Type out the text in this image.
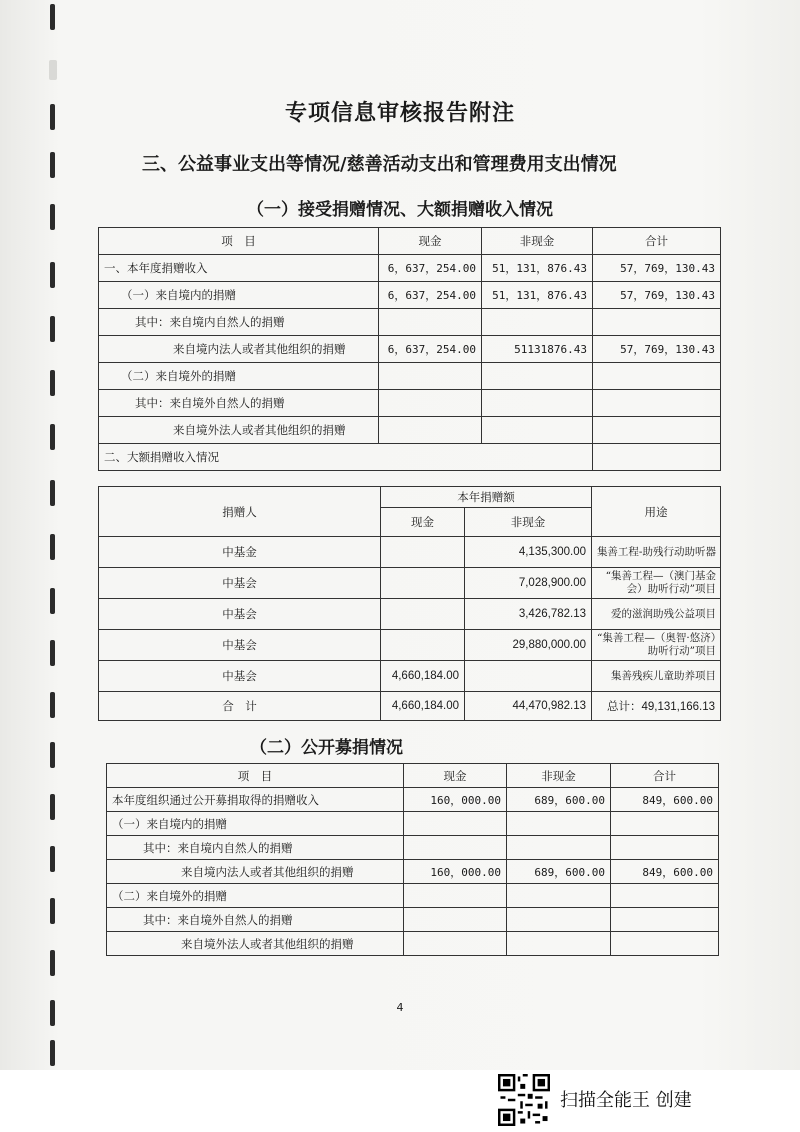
专项信息审核报告附注
三、公益事业支出等情况/慈善活动支出和管理费用支出情况
（一）接受捐赠情况、大额捐赠收入情况
项　目	现金	非现金	合计
一、本年度捐赠收入	6，637，254.00	51，131，876.43	57，769，130.43
（一）来自境内的捐赠	6，637，254.00	51，131，876.43	57，769，130.43
其中：来自境内自然人的捐赠			
来自境内法人或者其他组织的捐赠	6，637，254.00	51131876.43	57，769，130.43
（二）来自境外的捐赠			
其中：来自境外自然人的捐赠			
来自境外法人或者其他组织的捐赠			
二、大额捐赠收入情况			
捐赠人	本年捐赠额		用途
	现金	非现金	
中基金		4,135,300.00	集善工程-助残行动助听器
中基会		7,028,900.00	“集善工程—（澳门基金会）助听行动”项目
中基会		3,426,782.13	爱的滋润助残公益项目
中基会		29,880,000.00	“集善工程—（奥智·悠济）助听行动”项目
中基会	4,660,184.00		集善残疾儿童助养项目
合　计	4,660,184.00	44,470,982.13	总计：49,131,166.13
（二）公开募捐情况
项　目	现金	非现金	合计
本年度组织通过公开募捐取得的捐赠收入	160，000.00	689，600.00	849，600.00
（一）来自境内的捐赠			
其中：来自境内自然人的捐赠			
来自境内法人或者其他组织的捐赠	160，000.00	689，600.00	849，600.00
（二）来自境外的捐赠			
其中：来自境外自然人的捐赠			
来自境外法人或者其他组织的捐赠			
4
扫描全能王 创建
